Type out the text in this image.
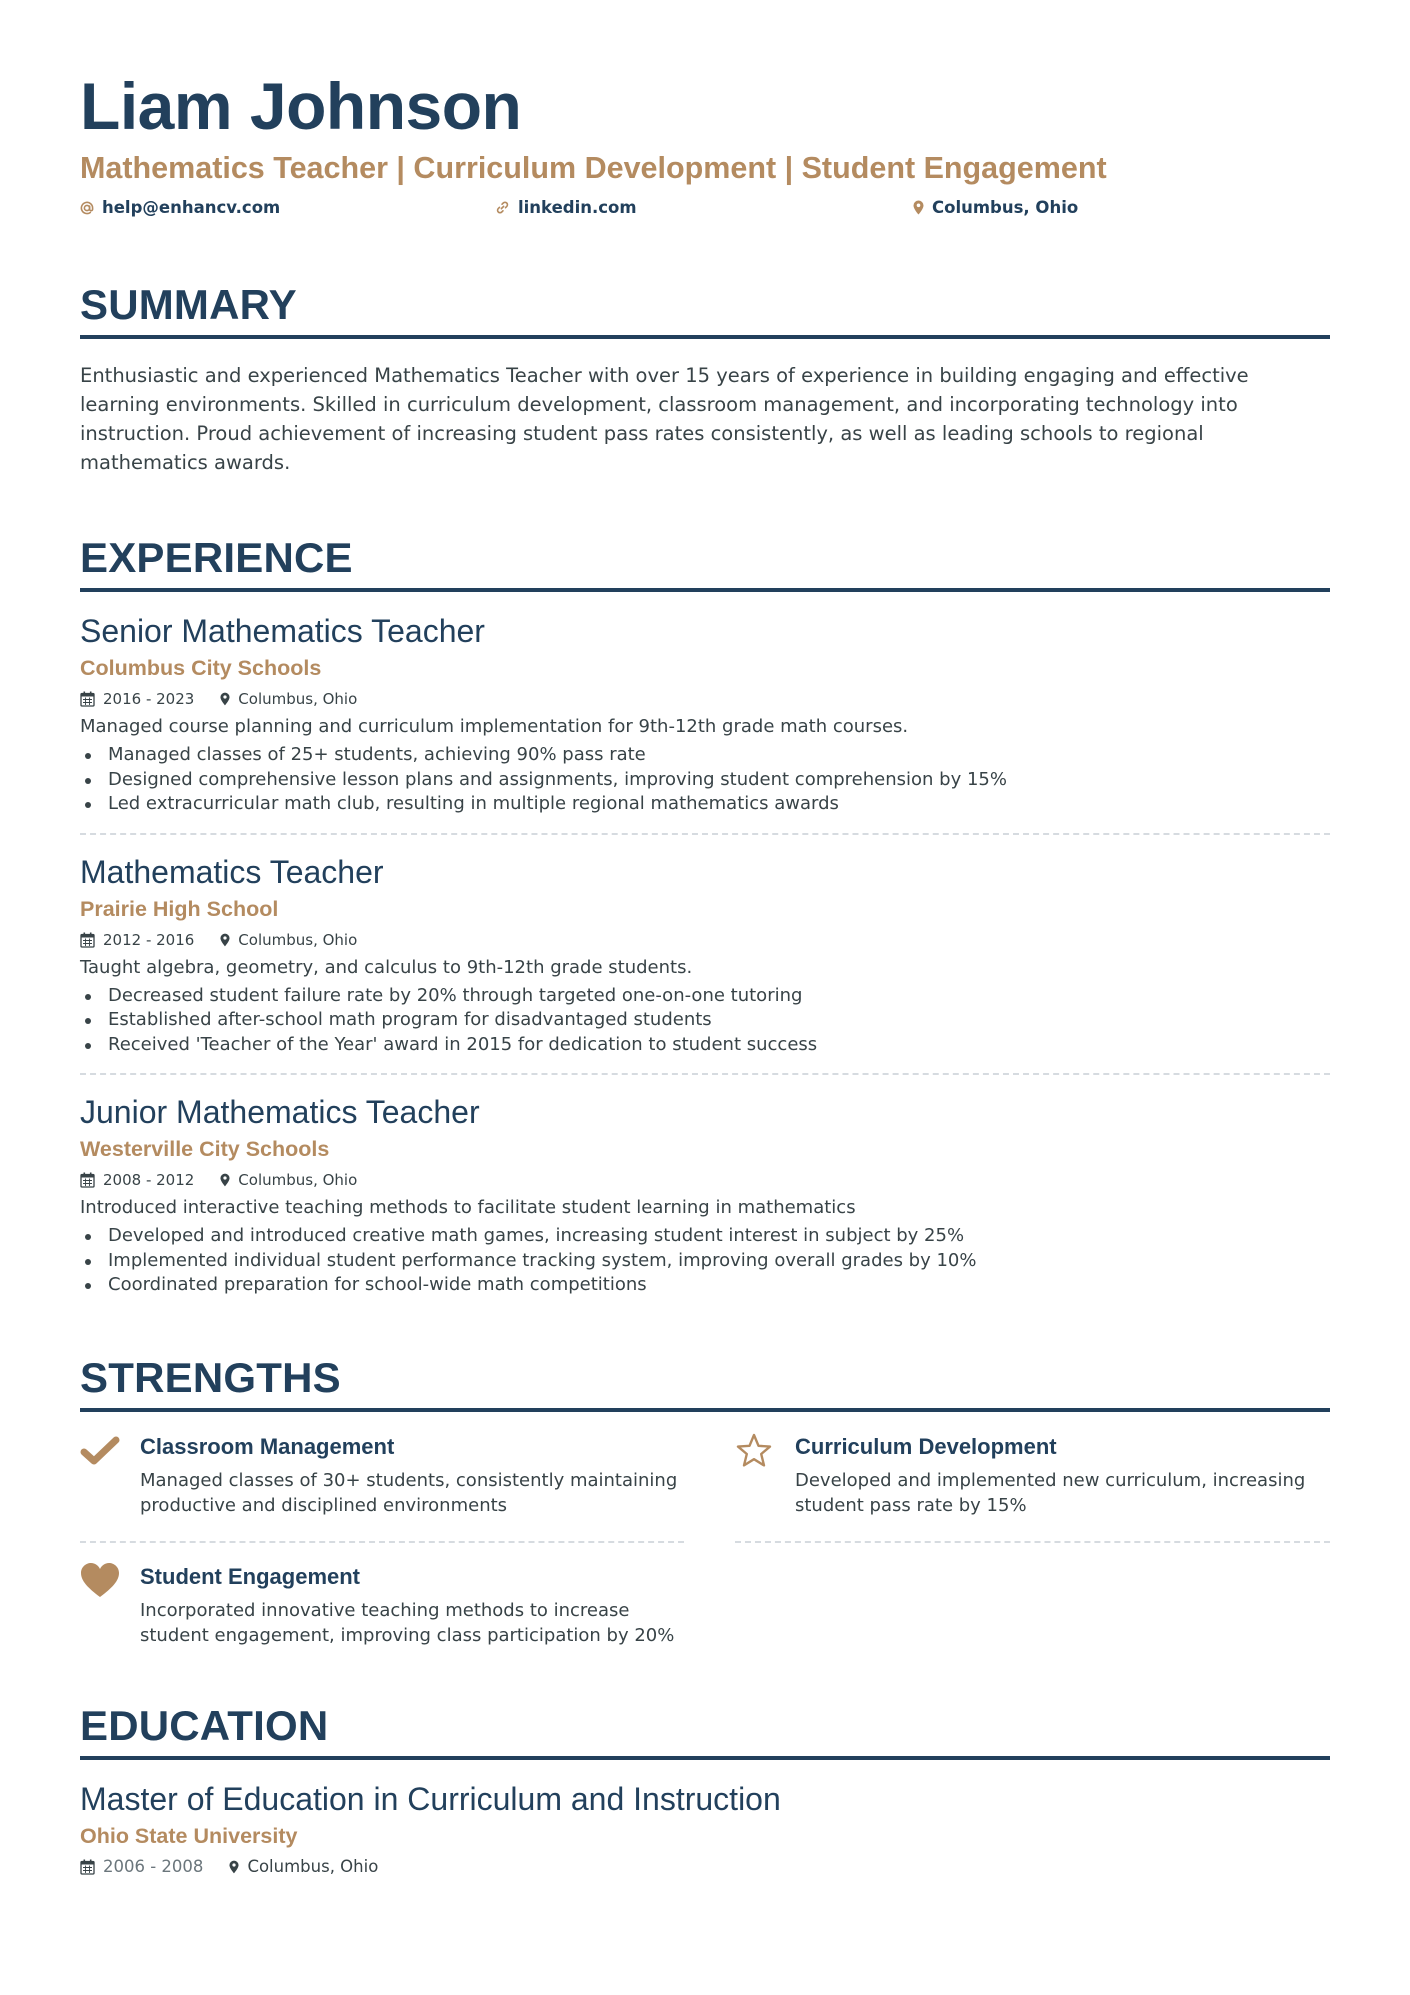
Liam Johnson
Mathematics Teacher | Curriculum Development | Student Engagement
help@enhancv.com	linkedin.com	Columbus, Ohio
SUMMARY

Enthusiastic and experienced Mathematics Teacher with over 15 years of experience in building engaging and effective learning environments. Skilled in curriculum development, classroom management, and incorporating technology into instruction. Proud achievement of increasing student pass rates consistently, as well as leading schools to regional mathematics awards.

EXPERIENCE
Senior Mathematics Teacher
Columbus City Schools
2016 - 2023	Columbus, Ohio

Managed course planning and curriculum implementation for 9th-12th grade math courses.

Managed classes of 25+ students, achieving 90% pass rate
Designed comprehensive lesson plans and assignments, improving student comprehension by 15%
Led extracurricular math club, resulting in multiple regional mathematics awards
Mathematics Teacher
Prairie High School
2012 - 2016	Columbus, Ohio

Taught algebra, geometry, and calculus to 9th-12th grade students.

Decreased student failure rate by 20% through targeted one-on-one tutoring
Established after-school math program for disadvantaged students
Received 'Teacher of the Year' award in 2015 for dedication to student success
Junior Mathematics Teacher
Westerville City Schools
2008 - 2012	Columbus, Ohio

Introduced interactive teaching methods to facilitate student learning in mathematics

Developed and introduced creative math games, increasing student interest in subject by 25%
Implemented individual student performance tracking system, improving overall grades by 10%
Coordinated preparation for school-wide math competitions
STRENGTHS
Classroom Management
Managed classes of 30+ students, consistently maintaining productive and disciplined environments
Curriculum Development
Developed and implemented new curriculum, increasing student pass rate by 15%
Student Engagement
Incorporated innovative teaching methods to increase student engagement, improving class participation by 20%
EDUCATION
Master of Education in Curriculum and Instruction
Ohio State University
2006 - 2008	Columbus, Ohio
